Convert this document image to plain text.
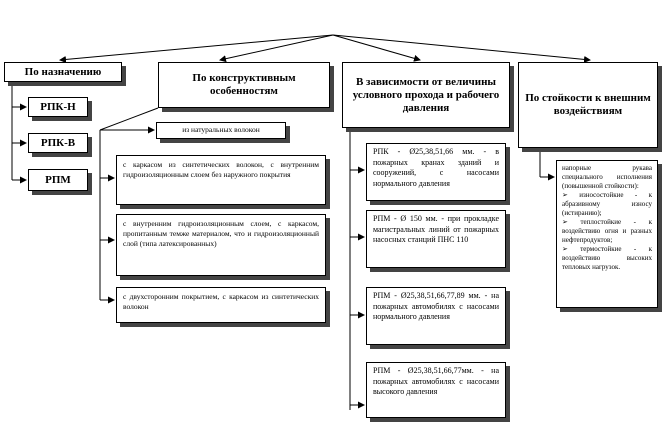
По назначению
По конструктивным особенностям
В зависимости от величины условного прохода и рабочего давления
По стойкости к внешним воздействиям
РПК-Н
РПК-В
РПМ
из натуральных волокон
с каркасом из синтетических волокон, с внутренним гидроизоляционным слоем без наружного покрытия
с внутренним гидроизоляционным слоем, с каркасом, пропитанным темже материалом, что и гидроизоляционный слой (типа латексированных)
с двухсторонним покрытием, с каркасом из синтетических волокон
РПК - Ø25,38,51,66 мм. - в пожарных кранах зданий и сооружений, с насосами нормального давления
РПМ - Ø 150 мм. - при прокладке магистральных линий от пожарных насосных станций ПНС 110
РПМ - Ø25,38,51,66,77,89 мм. - на пожарных автомобилях с насосами нормального давления
РПМ - Ø25,38,51,66,77мм. - на пожарных автомобилях с насосами высокого давления
напорные рукава специального исполнения (повышенной стойкости):
➢ износостойкие - к абразивному износу (истиранию);
➢ теплостойкие - к воздействию огня и разных нефтепродуктов;
➢ термостойкие - к воздействию высоких тепловых нагрузок.
